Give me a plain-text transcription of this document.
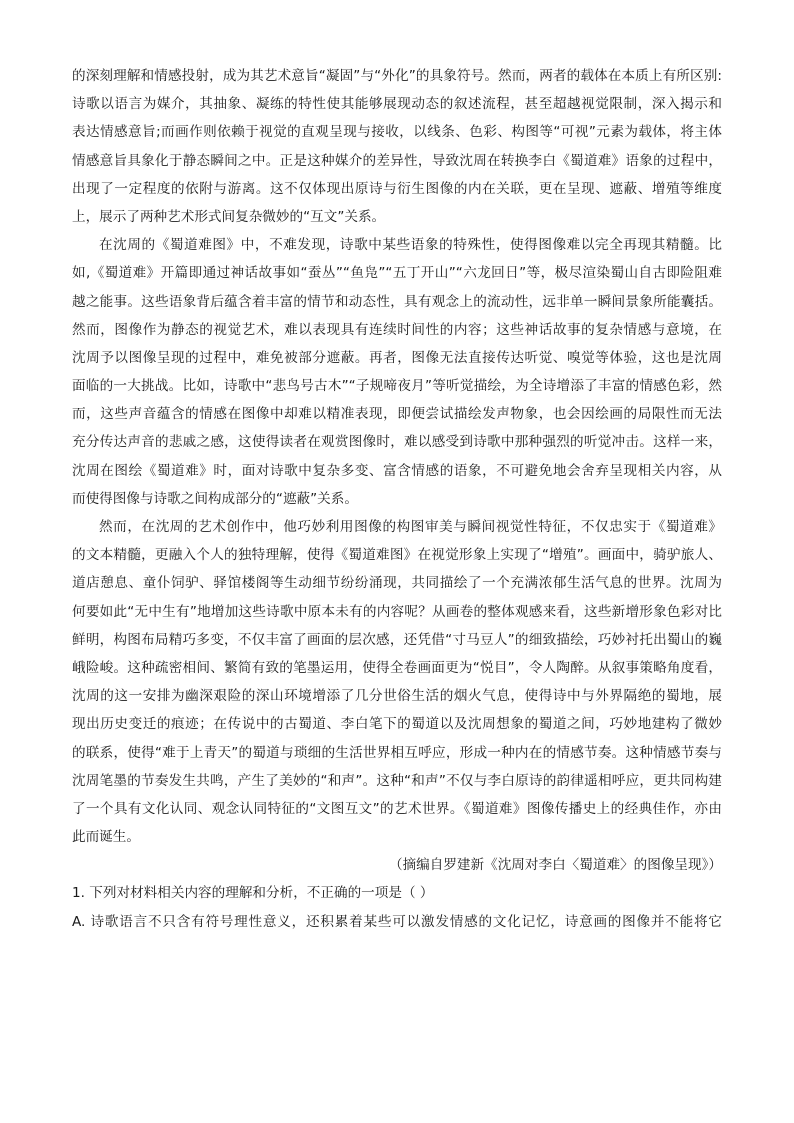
的深刻理解和情感投射，成为其艺术意旨“凝固”与“外化”的具象符号。然而，两者的载体在本质上有所区别:
诗歌以语言为媒介，其抽象、凝练的特性使其能够展现动态的叙述流程，甚至超越视觉限制，深入揭示和
表达情感意旨;而画作则依赖于视觉的直观呈现与接收，以线条、色彩、构图等“可视”元素为载体，将主体
情感意旨具象化于静态瞬间之中。正是这种媒介的差异性，导致沈周在转换李白《蜀道难》语象的过程中，
出现了一定程度的依附与游离。这不仅体现出原诗与衍生图像的内在关联，更在呈现、遮蔽、增殖等维度
上，展示了两种艺术形式间复杂微妙的“互文”关系。
在沈周的《蜀道难图》中，不难发现，诗歌中某些语象的特殊性，使得图像难以完全再现其精髓。比
如,《蜀道难》开篇即通过神话故事如“蚕丛”“鱼凫”“五丁开山”“六龙回日”等，极尽渲染蜀山自古即险阻难
越之能事。这些语象背后蕴含着丰富的情节和动态性，具有观念上的流动性，远非单一瞬间景象所能囊括。
然而，图像作为静态的视觉艺术，难以表现具有连续时间性的内容；这些神话故事的复杂情感与意境，在
沈周予以图像呈现的过程中，难免被部分遮蔽。再者，图像无法直接传达听觉、嗅觉等体验，这也是沈周
面临的一大挑战。比如，诗歌中“悲鸟号古木”“子规啼夜月”等听觉描绘，为全诗增添了丰富的情感色彩，然
而，这些声音蕴含的情感在图像中却难以精准表现，即便尝试描绘发声物象，也会因绘画的局限性而无法
充分传达声音的悲戚之感，这使得读者在观赏图像时，难以感受到诗歌中那种强烈的听觉冲击。这样一来，
沈周在图绘《蜀道难》时，面对诗歌中复杂多变、富含情感的语象，不可避免地会舍弃呈现相关内容，从
而使得图像与诗歌之间构成部分的“遮蔽”关系。
然而，在沈周的艺术创作中，他巧妙利用图像的构图审美与瞬间视觉性特征，不仅忠实于《蜀道难》
的文本精髓，更融入个人的独特理解，使得《蜀道难图》在视觉形象上实现了“增殖”。画面中，骑驴旅人、
道店憩息、童仆饲驴、驿馆楼阁等生动细节纷纷涌现，共同描绘了一个充满浓郁生活气息的世界。沈周为
何要如此“无中生有”地增加这些诗歌中原本未有的内容呢？从画卷的整体观感来看，这些新增形象色彩对比
鲜明，构图布局精巧多变，不仅丰富了画面的层次感，还凭借“寸马豆人”的细致描绘，巧妙衬托出蜀山的巍
峨险峻。这种疏密相间、繁简有致的笔墨运用，使得全卷画面更为“悦目”，令人陶醉。从叙事策略角度看，
沈周的这一安排为幽深艰险的深山环境增添了几分世俗生活的烟火气息，使得诗中与外界隔绝的蜀地，展
现出历史变迁的痕迹；在传说中的古蜀道、李白笔下的蜀道以及沈周想象的蜀道之间，巧妙地建构了微妙
的联系，使得“难于上青天”的蜀道与琐细的生活世界相互呼应，形成一种内在的情感节奏。这种情感节奏与
沈周笔墨的节奏发生共鸣，产生了美妙的“和声”。这种“和声”不仅与李白原诗的韵律遥相呼应，更共同构建
了一个具有文化认同、观念认同特征的“文图互文”的艺术世界。《蜀道难》图像传播史上的经典佳作，亦由
此而诞生。
（摘编自罗建新《沈周对李白〈蜀道难〉的图像呈现》）
1. 下列对材料相关内容的理解和分析，不正确的一项是（ ）
A. 诗歌语言不只含有符号理性意义，还积累着某些可以激发情感的文化记忆，诗意画的图像并不能将它
